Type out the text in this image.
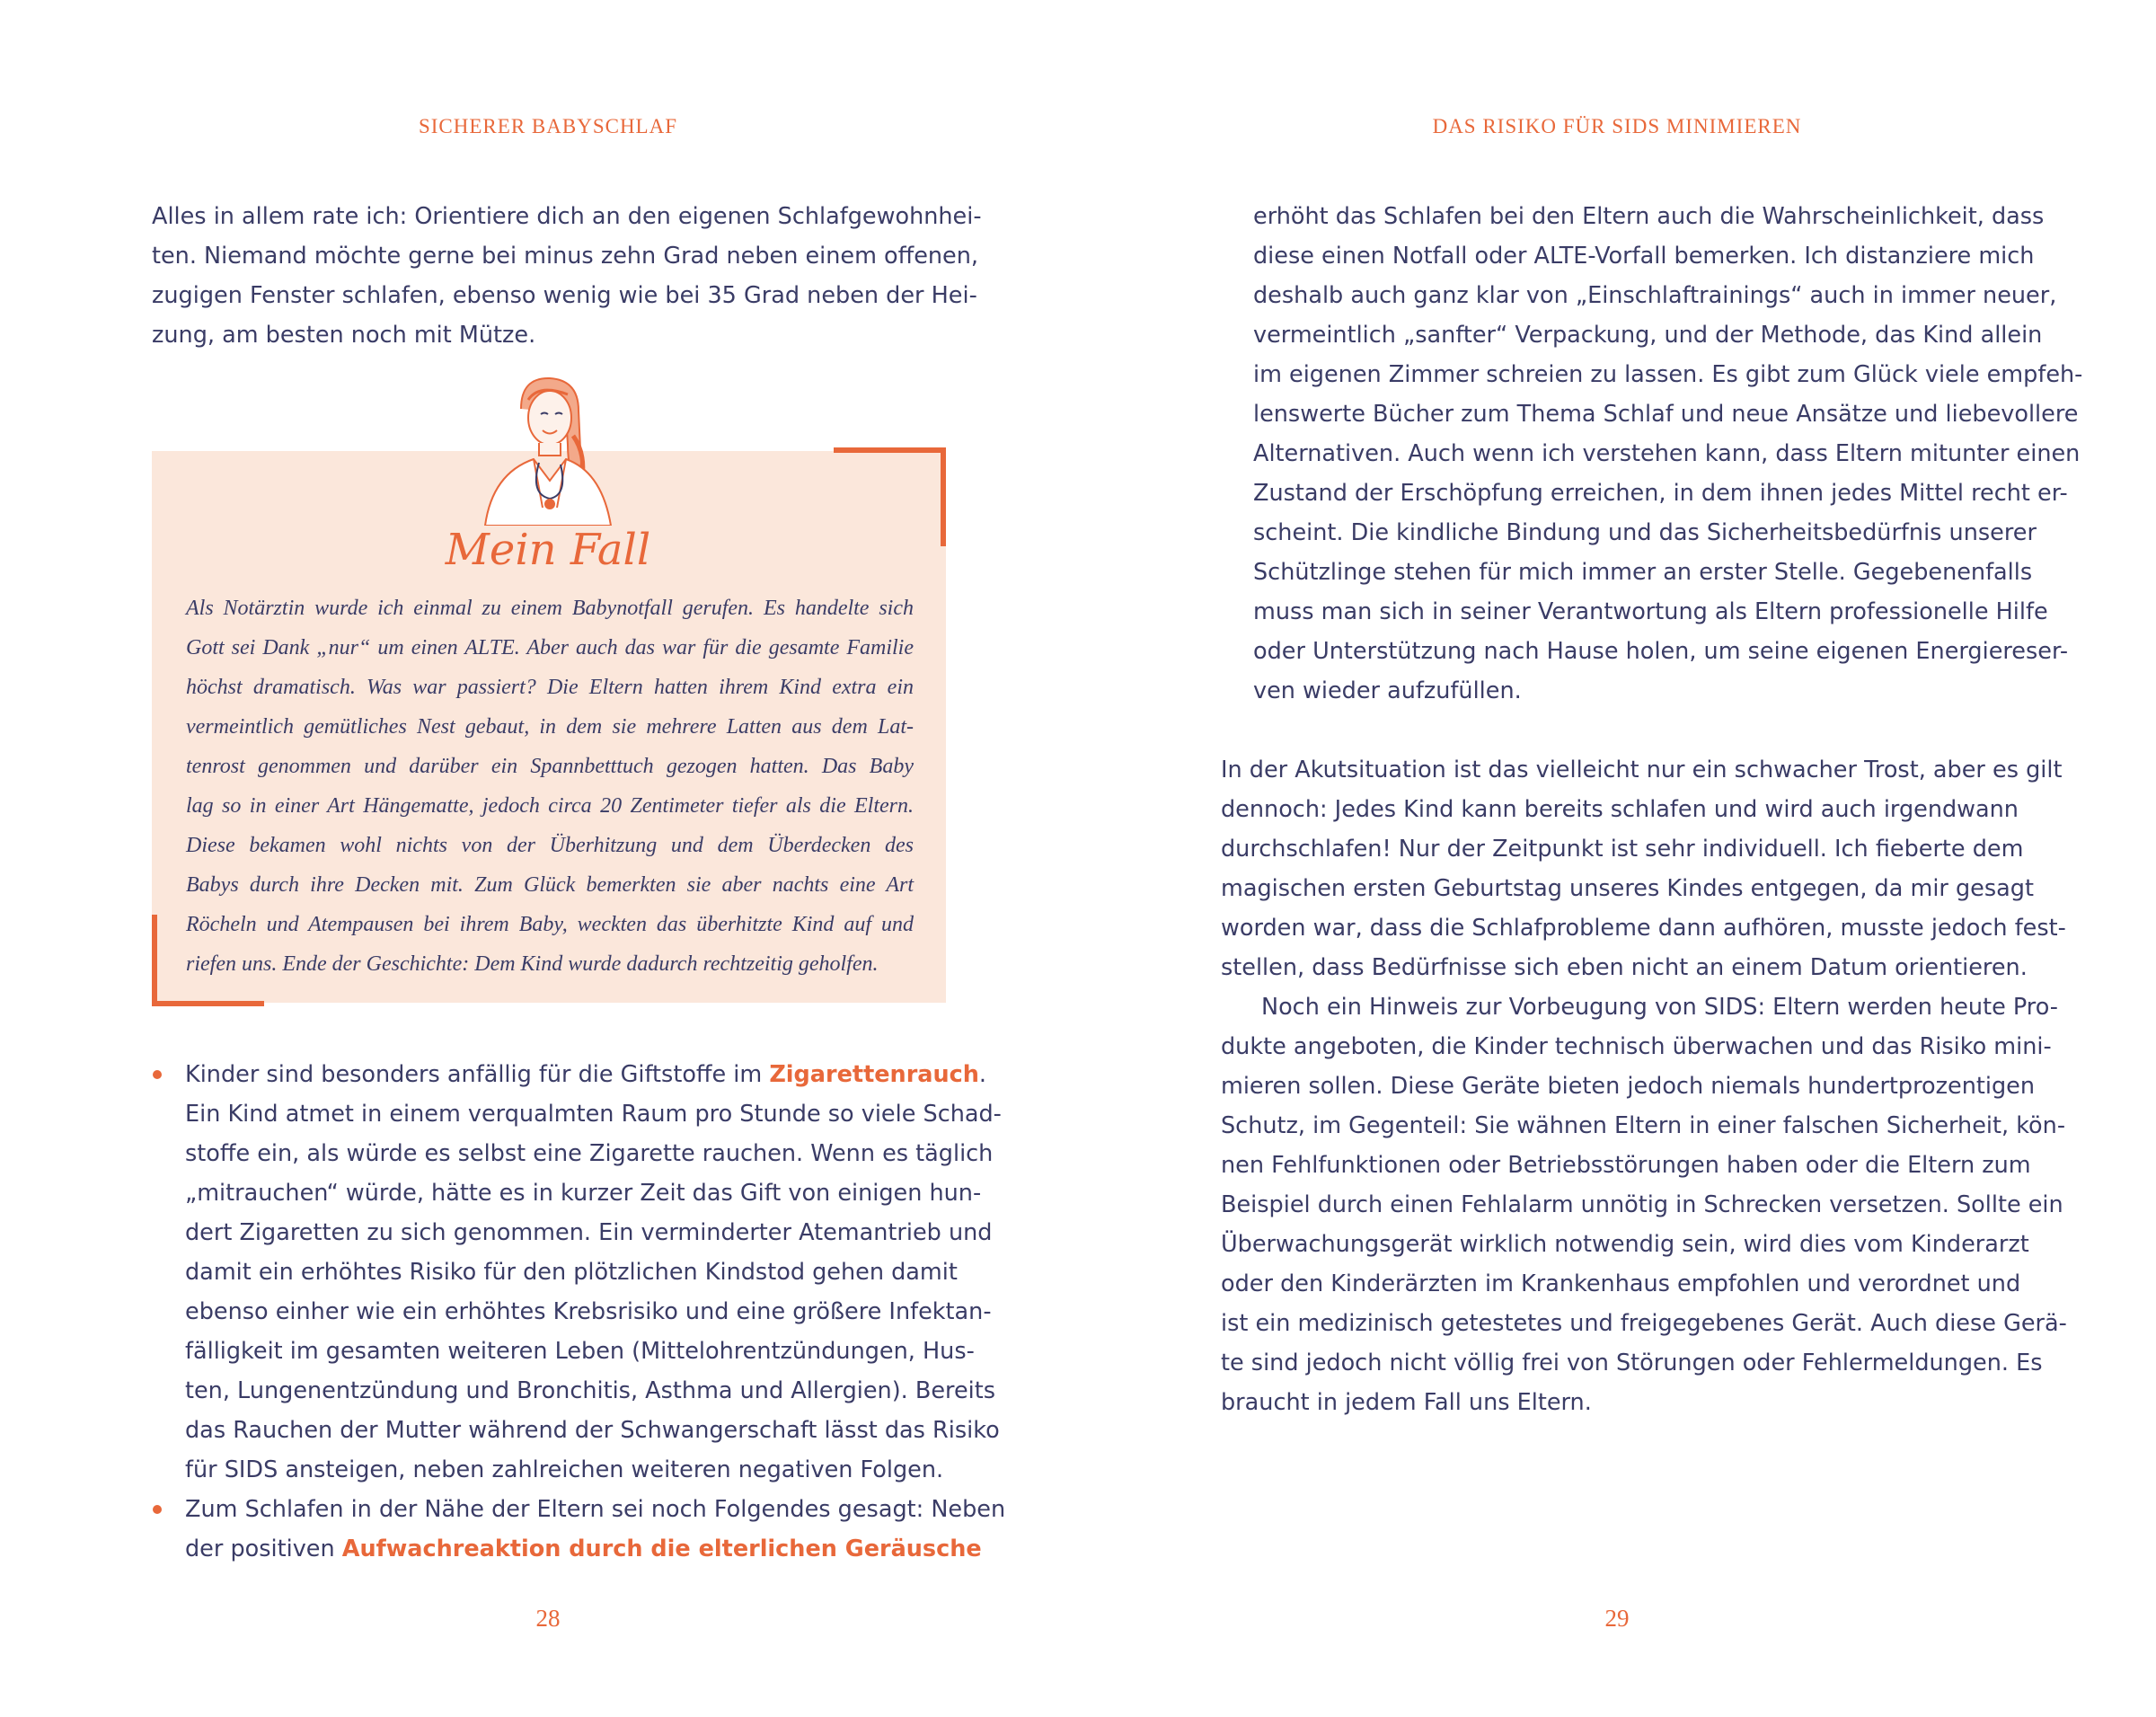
SICHERER BABYSCHLAF	DAS RISIKO FÜR SIDS MINIMIEREN
Alles in allem rate ich: Orientiere dich an den eigenen Schlafgewohnhei-
ten. Niemand möchte gerne bei minus zehn Grad neben einem offenen,
zugigen Fenster schlafen, ebenso wenig wie bei 35 Grad neben der Hei-
zung, am besten noch mit Mütze.
Mein Fall
Als Notärztin wurde ich einmal zu einem Babynotfall gerufen. Es handelte sich
Gott sei Dank „nur“ um einen ALTE. Aber auch das war für die gesamte Familie
höchst dramatisch. Was war passiert? Die Eltern hatten ihrem Kind extra ein
vermeintlich gemütliches Nest gebaut, in dem sie mehrere Latten aus dem Lat-
tenrost genommen und darüber ein Spannbetttuch gezogen hatten. Das Baby
lag so in einer Art Hängematte, jedoch circa 20 Zentimeter tiefer als die Eltern.
Diese bekamen wohl nichts von der Überhitzung und dem Überdecken des
Babys durch ihre Decken mit. Zum Glück bemerkten sie aber nachts eine Art
Röcheln und Atempausen bei ihrem Baby, weckten das überhitzte Kind auf und
riefen uns. Ende der Geschichte: Dem Kind wurde dadurch rechtzeitig geholfen.
Kinder sind besonders anfällig für die Giftstoffe im Zigarettenrauch.
Ein Kind atmet in einem verqualmten Raum pro Stunde so viele Schad-
stoffe ein, als würde es selbst eine Zigarette rauchen. Wenn es täglich
„mitrauchen“ würde, hätte es in kurzer Zeit das Gift von einigen hun-
dert Zigaretten zu sich genommen. Ein verminderter Atemantrieb und
damit ein erhöhtes Risiko für den plötzlichen Kindstod gehen damit
ebenso einher wie ein erhöhtes Krebsrisiko und eine größere Infektan-
fälligkeit im gesamten weiteren Leben (Mittelohrentzündungen, Hus-
ten, Lungenentzündung und Bronchitis, Asthma und Allergien). Bereits
das Rauchen der Mutter während der Schwangerschaft lässt das Risiko
für SIDS ansteigen, neben zahlreichen weiteren negativen Folgen.
Zum Schlafen in der Nähe der Eltern sei noch Folgendes gesagt: Neben
der positiven Aufwachreaktion durch die elterlichen Geräusche
28
erhöht das Schlafen bei den Eltern auch die Wahrscheinlichkeit, dass
diese einen Notfall oder ALTE-Vorfall bemerken. Ich distanziere mich
deshalb auch ganz klar von „Einschlaftrainings“ auch in immer neuer,
vermeintlich „sanfter“ Verpackung, und der Methode, das Kind allein
im eigenen Zimmer schreien zu lassen. Es gibt zum Glück viele empfeh-
lenswerte Bücher zum Thema Schlaf und neue Ansätze und liebevollere
Alternativen. Auch wenn ich verstehen kann, dass Eltern mitunter einen
Zustand der Erschöpfung erreichen, in dem ihnen jedes Mittel recht er-
scheint. Die kindliche Bindung und das Sicherheitsbedürfnis unserer
Schützlinge stehen für mich immer an erster Stelle. Gegebenenfalls
muss man sich in seiner Verantwortung als Eltern professionelle Hilfe
oder Unterstützung nach Hause holen, um seine eigenen Energiereser-
ven wieder aufzufüllen.
In der Akutsituation ist das vielleicht nur ein schwacher Trost, aber es gilt
dennoch: Jedes Kind kann bereits schlafen und wird auch irgendwann
durchschlafen! Nur der Zeitpunkt ist sehr individuell. Ich fieberte dem
magischen ersten Geburtstag unseres Kindes entgegen, da mir gesagt
worden war, dass die Schlafprobleme dann aufhören, musste jedoch fest-
stellen, dass Bedürfnisse sich eben nicht an einem Datum orientieren.
Noch ein Hinweis zur Vorbeugung von SIDS: Eltern werden heute Pro-
dukte angeboten, die Kinder technisch überwachen und das Risiko mini-
mieren sollen. Diese Geräte bieten jedoch niemals hundertprozentigen
Schutz, im Gegenteil: Sie wähnen Eltern in einer falschen Sicherheit, kön-
nen Fehlfunktionen oder Betriebsstörungen haben oder die Eltern zum
Beispiel durch einen Fehlalarm unnötig in Schrecken versetzen. Sollte ein
Überwachungsgerät wirklich notwendig sein, wird dies vom Kinderarzt
oder den Kinderärzten im Krankenhaus empfohlen und verordnet und
ist ein medizinisch getestetes und freigegebenes Gerät. Auch diese Gerä-
te sind jedoch nicht völlig frei von Störungen oder Fehlermeldungen. Es
braucht in jedem Fall uns Eltern.
29
